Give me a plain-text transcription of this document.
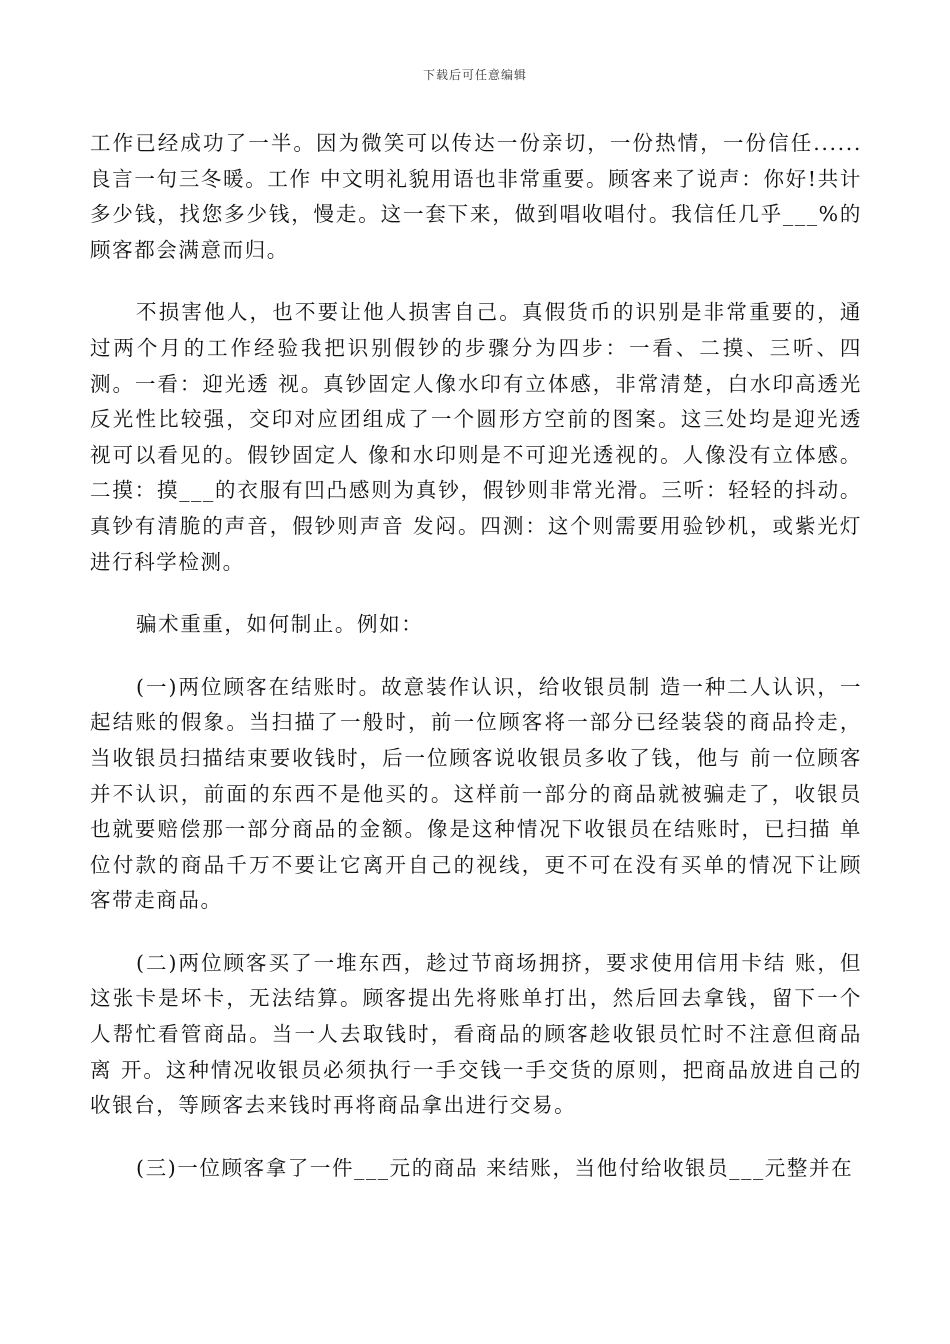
下载后可任意编辑

工作已经成功了一半。因为微笑可以传达一份亲切，一份热情，一份信任......良言一句三冬暖。工作 中文明礼貌用语也非常重要。顾客来了说声：你好!共计多少钱，找您多少钱，慢走。这一套下来，做到唱收唱付。我信任几乎___%的顾客都会满意而归。

不损害他人，也不要让他人损害自己。真假货币的识别是非常重要的，通过两个月的工作经验我把识别假钞的步骤分为四步：一看、二摸、三听、四测。一看：迎光透 视。真钞固定人像水印有立体感，非常清楚，白水印高透光反光性比较强，交印对应团组成了一个圆形方空前的图案。这三处均是迎光透视可以看见的。假钞固定人 像和水印则是不可迎光透视的。人像没有立体感。二摸：摸___的衣服有凹凸感则为真钞，假钞则非常光滑。三听：轻轻的抖动。真钞有清脆的声音，假钞则声音 发闷。四测：这个则需要用验钞机，或紫光灯进行科学检测。

骗术重重，如何制止。例如：

(一)两位顾客在结账时。故意装作认识，给收银员制 造一种二人认识，一起结账的假象。当扫描了一般时，前一位顾客将一部分已经装袋的商品拎走，当收银员扫描结束要收钱时，后一位顾客说收银员多收了钱，他与 前一位顾客并不认识，前面的东西不是他买的。这样前一部分的商品就被骗走了，收银员也就要赔偿那一部分商品的金额。像是这种情况下收银员在结账时，已扫描 单位付款的商品千万不要让它离开自己的视线，更不可在没有买单的情况下让顾客带走商品。

(二)两位顾客买了一堆东西，趁过节商场拥挤，要求使用信用卡结 账，但这张卡是坏卡，无法结算。顾客提出先将账单打出，然后回去拿钱，留下一个人帮忙看管商品。当一人去取钱时，看商品的顾客趁收银员忙时不注意但商品离 开。这种情况收银员必须执行一手交钱一手交货的原则，把商品放进自己的收银台，等顾客去来钱时再将商品拿出进行交易。

(三)一位顾客拿了一件___元的商品 来结账，当他付给收银员___元整并在
